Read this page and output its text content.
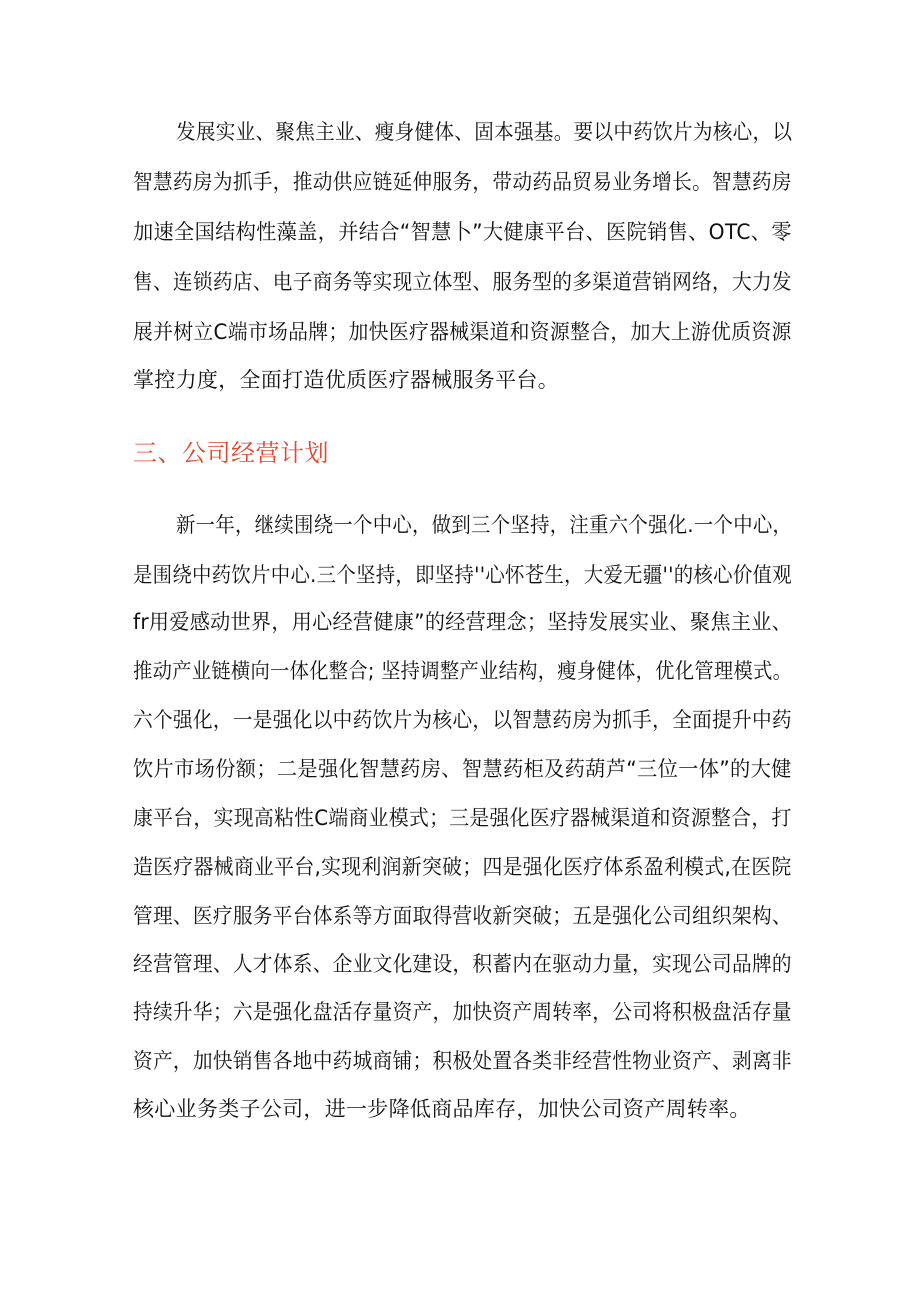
发展实业、聚焦主业、瘦身健体、固本强基。要以中药饮片为核心，以
智慧药房为抓手，推动供应链延伸服务，带动药品贸易业务增长。智慧药房
加速全国结构性藻盖，并结合“智慧卜”大健康平台、医院销售、OTC、零
售、连锁药店、电子商务等实现立体型、服务型的多渠道营销网络，大力发
展并树立C端市场品牌；加快医疗器械渠道和资源整合，加大上游优质资源
掌控力度，全面打造优质医疗器械服务平台。
三、公司经营计划
新一年，继续围绕一个中心，做到三个坚持，注重六个强化.一个中心，
是围绕中药饮片中心.三个坚持，即坚持''心怀苍生，大爱无疆''的核心价值观
fr用爱感动世界，用心经营健康”的经营理念；坚持发展实业、聚焦主业、
推动产业链横向一体化整合; 坚持调整产业结构，瘦身健体，优化管理模式。
六个强化，一是强化以中药饮片为核心，以智慧药房为抓手，全面提升中药
饮片市场份额；二是强化智慧药房、智慧药柜及药葫芦“三位一体”的大健
康平台，实现高粘性C端商业模式；三是强化医疗器械渠道和资源整合，打
造医疗器械商业平台,实现利润新突破；四是强化医疗体系盈利模式,在医院
管理、医疗服务平台体系等方面取得营收新突破；五是强化公司组织架构、
经营管理、人才体系、企业文化建设，积蓄内在驱动力量，实现公司品牌的
持续升华；六是强化盘活存量资产，加快资产周转率，公司将积极盘活存量
资产，加快销售各地中药城商铺；积极处置各类非经营性物业资产、剥离非
核心业务类子公司，进一步降低商品库存，加快公司资产周转率。
